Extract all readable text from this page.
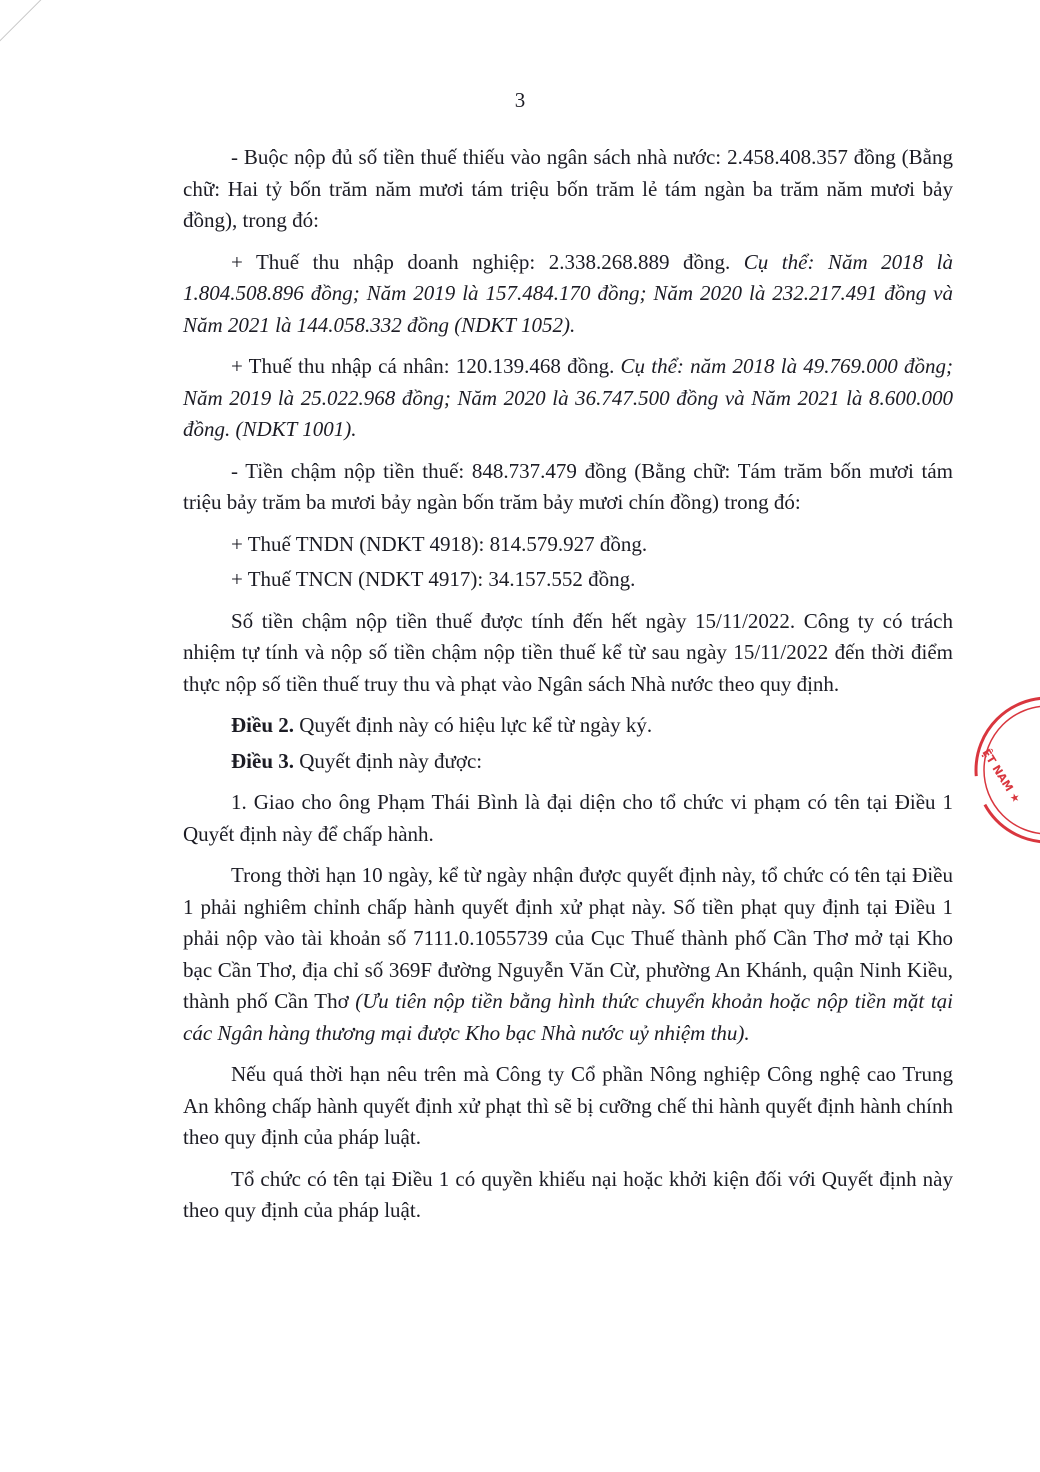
3

- Buộc nộp đủ số tiền thuế thiếu vào ngân sách nhà nước: 2.458.408.357 đồng (Bằng chữ: Hai tỷ bốn trăm năm mươi tám triệu bốn trăm lẻ tám ngàn ba trăm năm mươi bảy đồng), trong đó:

+ Thuế thu nhập doanh nghiệp: 2.338.268.889 đồng. Cụ thể: Năm 2018 là 1.804.508.896 đồng; Năm 2019 là 157.484.170 đồng; Năm 2020 là 232.217.491 đồng và Năm 2021 là 144.058.332 đồng (NDKT 1052).

+ Thuế thu nhập cá nhân: 120.139.468 đồng. Cụ thể: năm 2018 là 49.769.000 đồng; Năm 2019 là 25.022.968 đồng; Năm 2020 là 36.747.500 đồng và Năm 2021 là 8.600.000 đồng. (NDKT 1001).

- Tiền chậm nộp tiền thuế: 848.737.479 đồng (Bằng chữ: Tám trăm bốn mươi tám triệu bảy trăm ba mươi bảy ngàn bốn trăm bảy mươi chín đồng) trong đó:

+ Thuế TNDN (NDKT 4918): 814.579.927 đồng.

+ Thuế TNCN (NDKT 4917): 34.157.552 đồng.

Số tiền chậm nộp tiền thuế được tính đến hết ngày 15/11/2022. Công ty có trách nhiệm tự tính và nộp số tiền chậm nộp tiền thuế kể từ sau ngày 15/11/2022 đến thời điểm thực nộp số tiền thuế truy thu và phạt vào Ngân sách Nhà nước theo quy định.

Điều 2. Quyết định này có hiệu lực kể từ ngày ký.

Điều 3. Quyết định này được:

1. Giao cho ông Phạm Thái Bình là đại diện cho tổ chức vi phạm có tên tại Điều 1 Quyết định này để chấp hành.

Trong thời hạn 10 ngày, kể từ ngày nhận được quyết định này, tổ chức có tên tại Điều 1 phải nghiêm chỉnh chấp hành quyết định xử phạt này. Số tiền phạt quy định tại Điều 1 phải nộp vào tài khoản số 7111.0.1055739 của Cục Thuế thành phố Cần Thơ mở tại Kho bạc Cần Thơ, địa chỉ số 369F đường Nguyễn Văn Cừ, phường An Khánh, quận Ninh Kiều, thành phố Cần Thơ (Ưu tiên nộp tiền bằng hình thức chuyển khoản hoặc nộp tiền mặt tại các Ngân hàng thương mại được Kho bạc Nhà nước uỷ nhiệm thu).

Nếu quá thời hạn nêu trên mà Công ty Cổ phần Nông nghiệp Công nghệ cao Trung An không chấp hành quyết định xử phạt thì sẽ bị cưỡng chế thi hành quyết định hành chính theo quy định của pháp luật.

Tổ chức có tên tại Điều 1 có quyền khiếu nại hoặc khởi kiện đối với Quyết định này theo quy định của pháp luật.

ỆT NAM ★
